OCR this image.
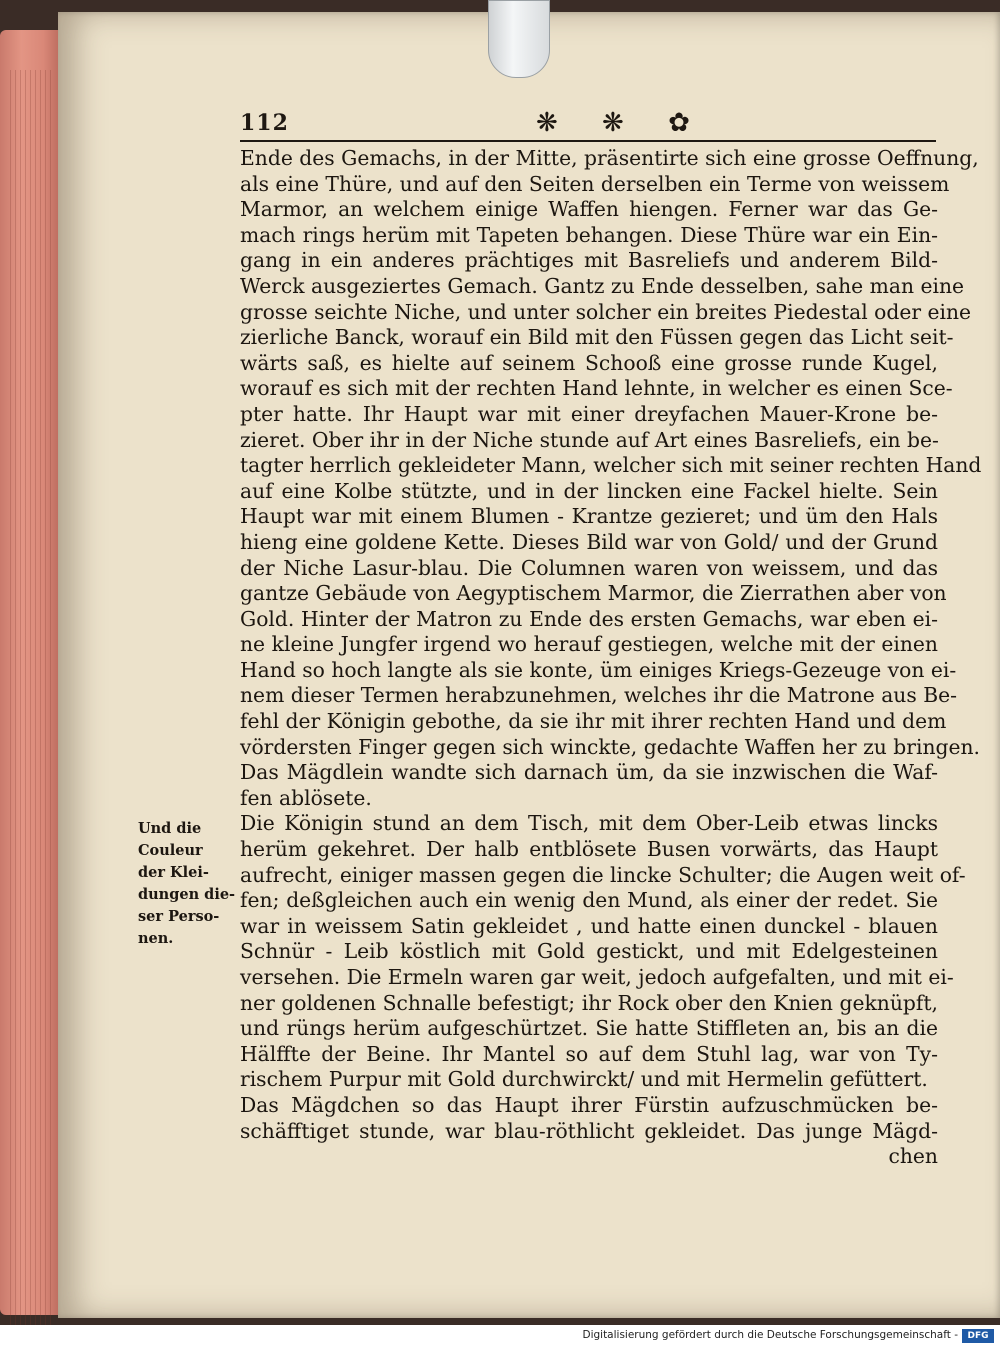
112	❋ ❋ ✿
Und die
Couleur
der Klei-
dungen die-
ser Perso-
nen.
Ende des Gemachs, in der Mitte, präsentirte sich eine grosse Oeffnung,
als eine Thüre, und auf den Seiten derselben ein Terme von weissem
Marmor, an welchem einige Waffen hiengen. Ferner war das Ge-
mach rings herüm mit Tapeten behangen. Diese Thüre war ein Ein-
gang in ein anderes prächtiges mit Basreliefs und anderem Bild-
Werck ausgeziertes Gemach. Gantz zu Ende desselben, sahe man eine
grosse seichte Niche, und unter solcher ein breites Piedestal oder eine
zierliche Banck, worauf ein Bild mit den Füssen gegen das Licht seit-
wärts saß, es hielte auf seinem Schooß eine grosse runde Kugel,
worauf es sich mit der rechten Hand lehnte, in welcher es einen Sce-
pter hatte. Ihr Haupt war mit einer dreyfachen Mauer-Krone be-
zieret. Ober ihr in der Niche stunde auf Art eines Basreliefs, ein be-
tagter herrlich gekleideter Mann, welcher sich mit seiner rechten Hand
auf eine Kolbe stützte, und in der lincken eine Fackel hielte. Sein
Haupt war mit einem Blumen - Krantze gezieret; und üm den Hals
hieng eine goldene Kette. Dieses Bild war von Gold/ und der Grund
der Niche Lasur-blau. Die Columnen waren von weissem, und das
gantze Gebäude von Aegyptischem Marmor, die Zierrathen aber von
Gold. Hinter der Matron zu Ende des ersten Gemachs, war eben ei-
ne kleine Jungfer irgend wo herauf gestiegen, welche mit der einen
Hand so hoch langte als sie konte, üm einiges Kriegs-Gezeuge von ei-
nem dieser Termen herabzunehmen, welches ihr die Matrone aus Be-
fehl der Königin gebothe, da sie ihr mit ihrer rechten Hand und dem
vördersten Finger gegen sich winckte, gedachte Waffen her zu bringen.
Das Mägdlein wandte sich darnach üm, da sie inzwischen die Waf-
fen ablösete.
Die Königin stund an dem Tisch, mit dem Ober-Leib etwas lincks
herüm gekehret. Der halb entblösete Busen vorwärts, das Haupt
aufrecht, einiger massen gegen die lincke Schulter; die Augen weit of-
fen; deßgleichen auch ein wenig den Mund, als einer der redet. Sie
war in weissem Satin gekleidet , und hatte einen dunckel - blauen
Schnür - Leib köstlich mit Gold gestickt, und mit Edelgesteinen
versehen. Die Ermeln waren gar weit, jedoch aufgefalten, und mit ei-
ner goldenen Schnalle befestigt; ihr Rock ober den Knien geknüpft,
und rüngs herüm aufgeschürtzet. Sie hatte Stiffleten an, bis an die
Hälffte der Beine. Ihr Mantel so auf dem Stuhl lag, war von Ty-
rischem Purpur mit Gold durchwirckt/ und mit Hermelin gefüttert.
Das Mägdchen so das Haupt ihrer Fürstin aufzuschmücken be-
schäfftiget stunde, war blau-röthlicht gekleidet. Das junge Mägd-
chen
Digitalisierung gefördert durch die Deutsche Forschungsgemeinschaft -	DFG
